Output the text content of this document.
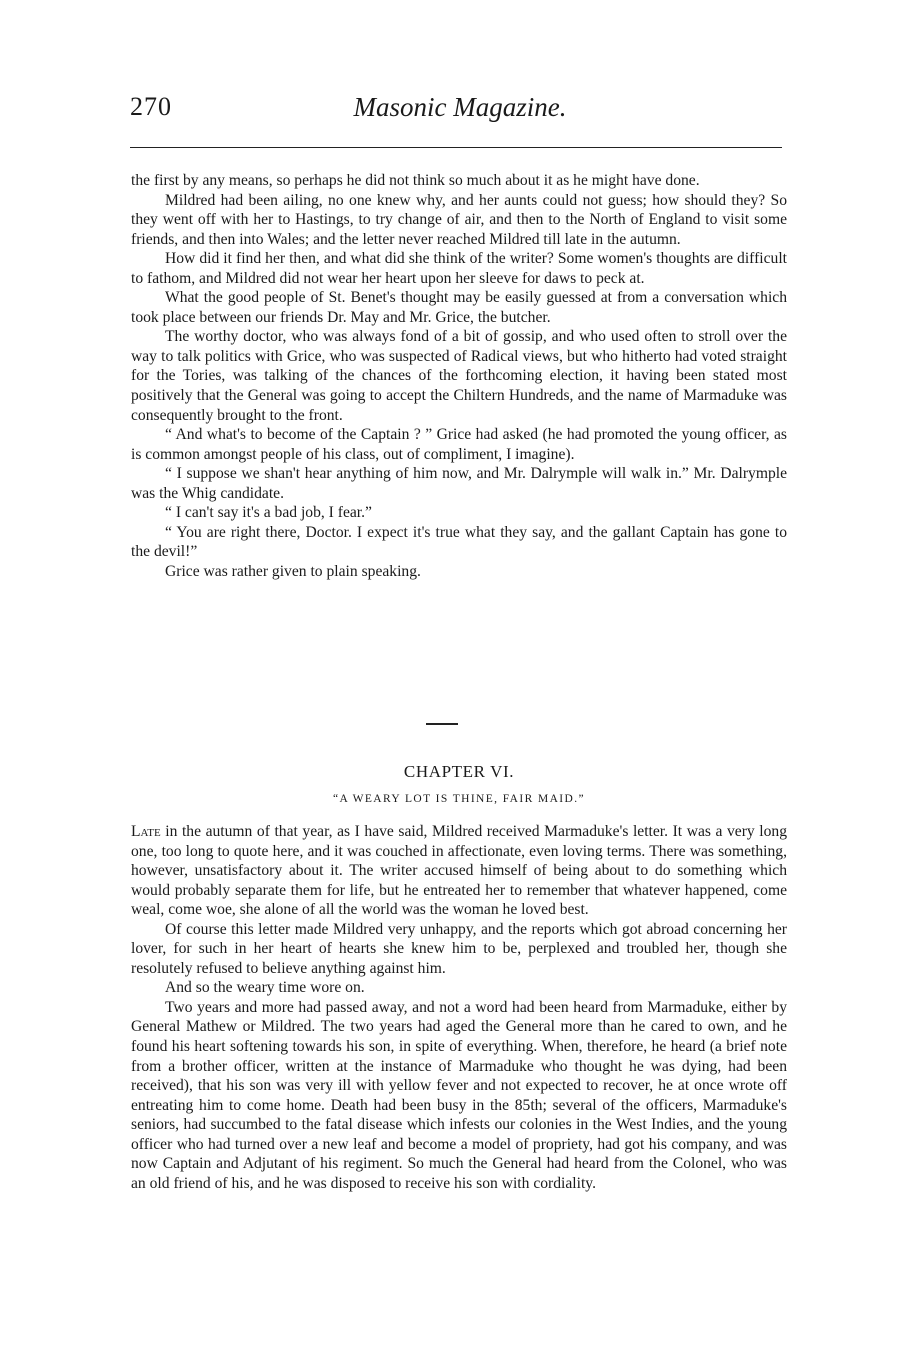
270	Masonic Magazine.

the first by any means, so perhaps he did not think so much about it as he might have done.

Mildred had been ailing, no one knew why, and her aunts could not guess; how should they? So they went off with her to Hastings, to try change of air, and then to the North of England to visit some friends, and then into Wales; and the letter never reached Mildred till late in the autumn.

How did it find her then, and what did she think of the writer? Some women's thoughts are difficult to fathom, and Mildred did not wear her heart upon her sleeve for daws to peck at.

What the good people of St. Benet's thought may be easily guessed at from a conversation which took place between our friends Dr. May and Mr. Grice, the butcher.

The worthy doctor, who was always fond of a bit of gossip, and who used often to stroll over the way to talk politics with Grice, who was suspected of Radical views, but who hitherto had voted straight for the Tories, was talking of the chances of the forthcoming election, it having been stated most positively that the General was going to accept the Chiltern Hundreds, and the name of Marmaduke was consequently brought to the front.

“ And what's to become of the Captain ? ” Grice had asked (he had promoted the young officer, as is common amongst people of his class, out of compliment, I imagine).

“ I suppose we shan't hear anything of him now, and Mr. Dalrymple will walk in.” Mr. Dalrymple was the Whig candidate.

“ I can't say it's a bad job, I fear.”

“ You are right there, Doctor. I expect it's true what they say, and the gallant Captain has gone to the devil!”

Grice was rather given to plain speaking.

CHAPTER VI.
“A WEARY LOT IS THINE, FAIR MAID.”

Late in the autumn of that year, as I have said, Mildred received Marmaduke's letter. It was a very long one, too long to quote here, and it was couched in affectionate, even loving terms. There was something, however, unsatisfactory about it. The writer accused himself of being about to do something which would probably separate them for life, but he entreated her to remember that whatever happened, come weal, come woe, she alone of all the world was the woman he loved best.

Of course this letter made Mildred very unhappy, and the reports which got abroad concerning her lover, for such in her heart of hearts she knew him to be, perplexed and troubled her, though she resolutely refused to believe anything against him.

And so the weary time wore on.

Two years and more had passed away, and not a word had been heard from Marmaduke, either by General Mathew or Mildred. The two years had aged the General more than he cared to own, and he found his heart softening towards his son, in spite of everything. When, therefore, he heard (a brief note from a brother officer, written at the instance of Marmaduke who thought he was dying, had been received), that his son was very ill with yellow fever and not expected to recover, he at once wrote off entreating him to come home. Death had been busy in the 85th; several of the officers, Marmaduke's seniors, had succumbed to the fatal disease which infests our colonies in the West Indies, and the young officer who had turned over a new leaf and become a model of propriety, had got his company, and was now Captain and Adjutant of his regiment. So much the General had heard from the Colonel, who was an old friend of his, and he was disposed to receive his son with cordiality.
